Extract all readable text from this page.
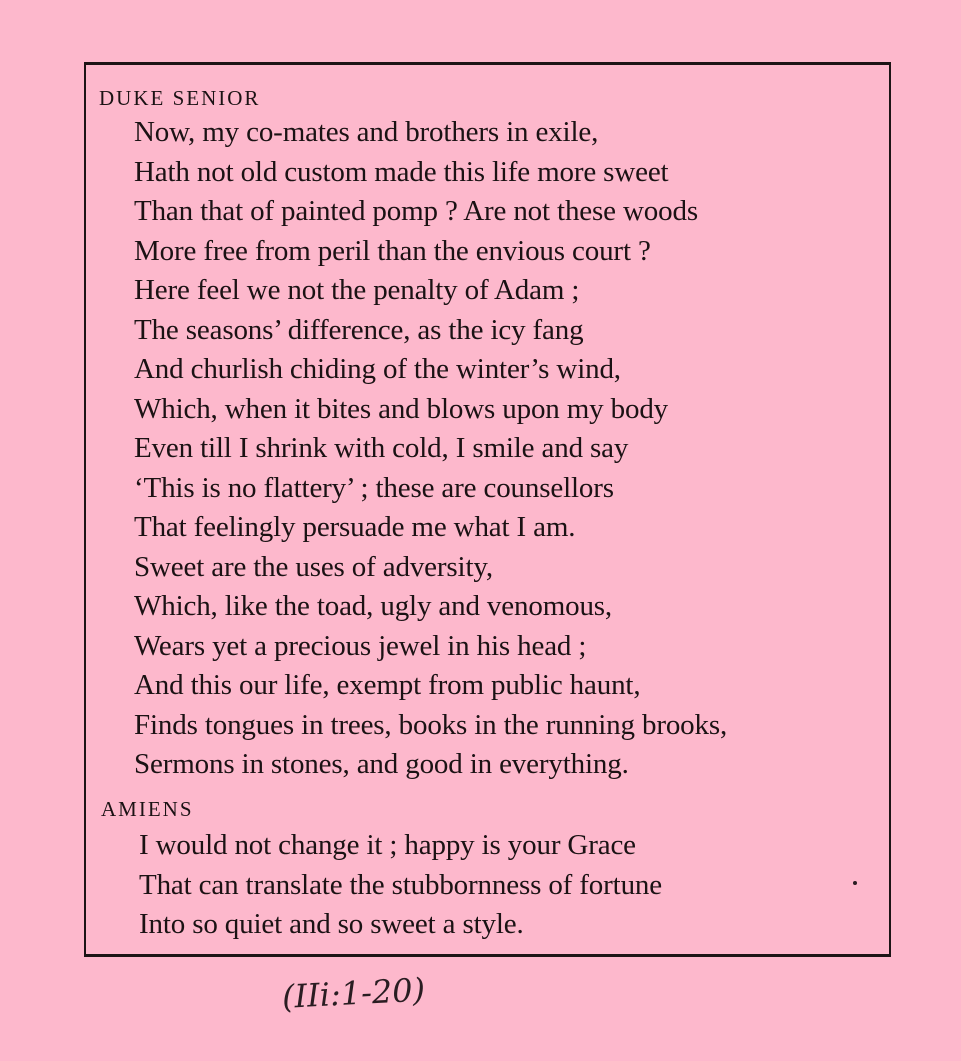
DUKE SENIOR
Now, my co-mates and brothers in exile,
Hath not old custom made this life more sweet
Than that of painted pomp ? Are not these woods
More free from peril than the envious court ?
Here feel we not the penalty of Adam ;
The seasons’ difference, as the icy fang
And churlish chiding of the winter’s wind,
Which, when it bites and blows upon my body
Even till I shrink with cold, I smile and say
‘This is no flattery’ ; these are counsellors
That feelingly persuade me what I am.
Sweet are the uses of adversity,
Which, like the toad, ugly and venomous,
Wears yet a precious jewel in his head ;
And this our life, exempt from public haunt,
Finds tongues in trees, books in the running brooks,
Sermons in stones, and good in everything.
AMIENS
I would not change it ; happy is your Grace
That can translate the stubbornness of fortune
Into so quiet and so sweet a style.
(IIi:1-20)
